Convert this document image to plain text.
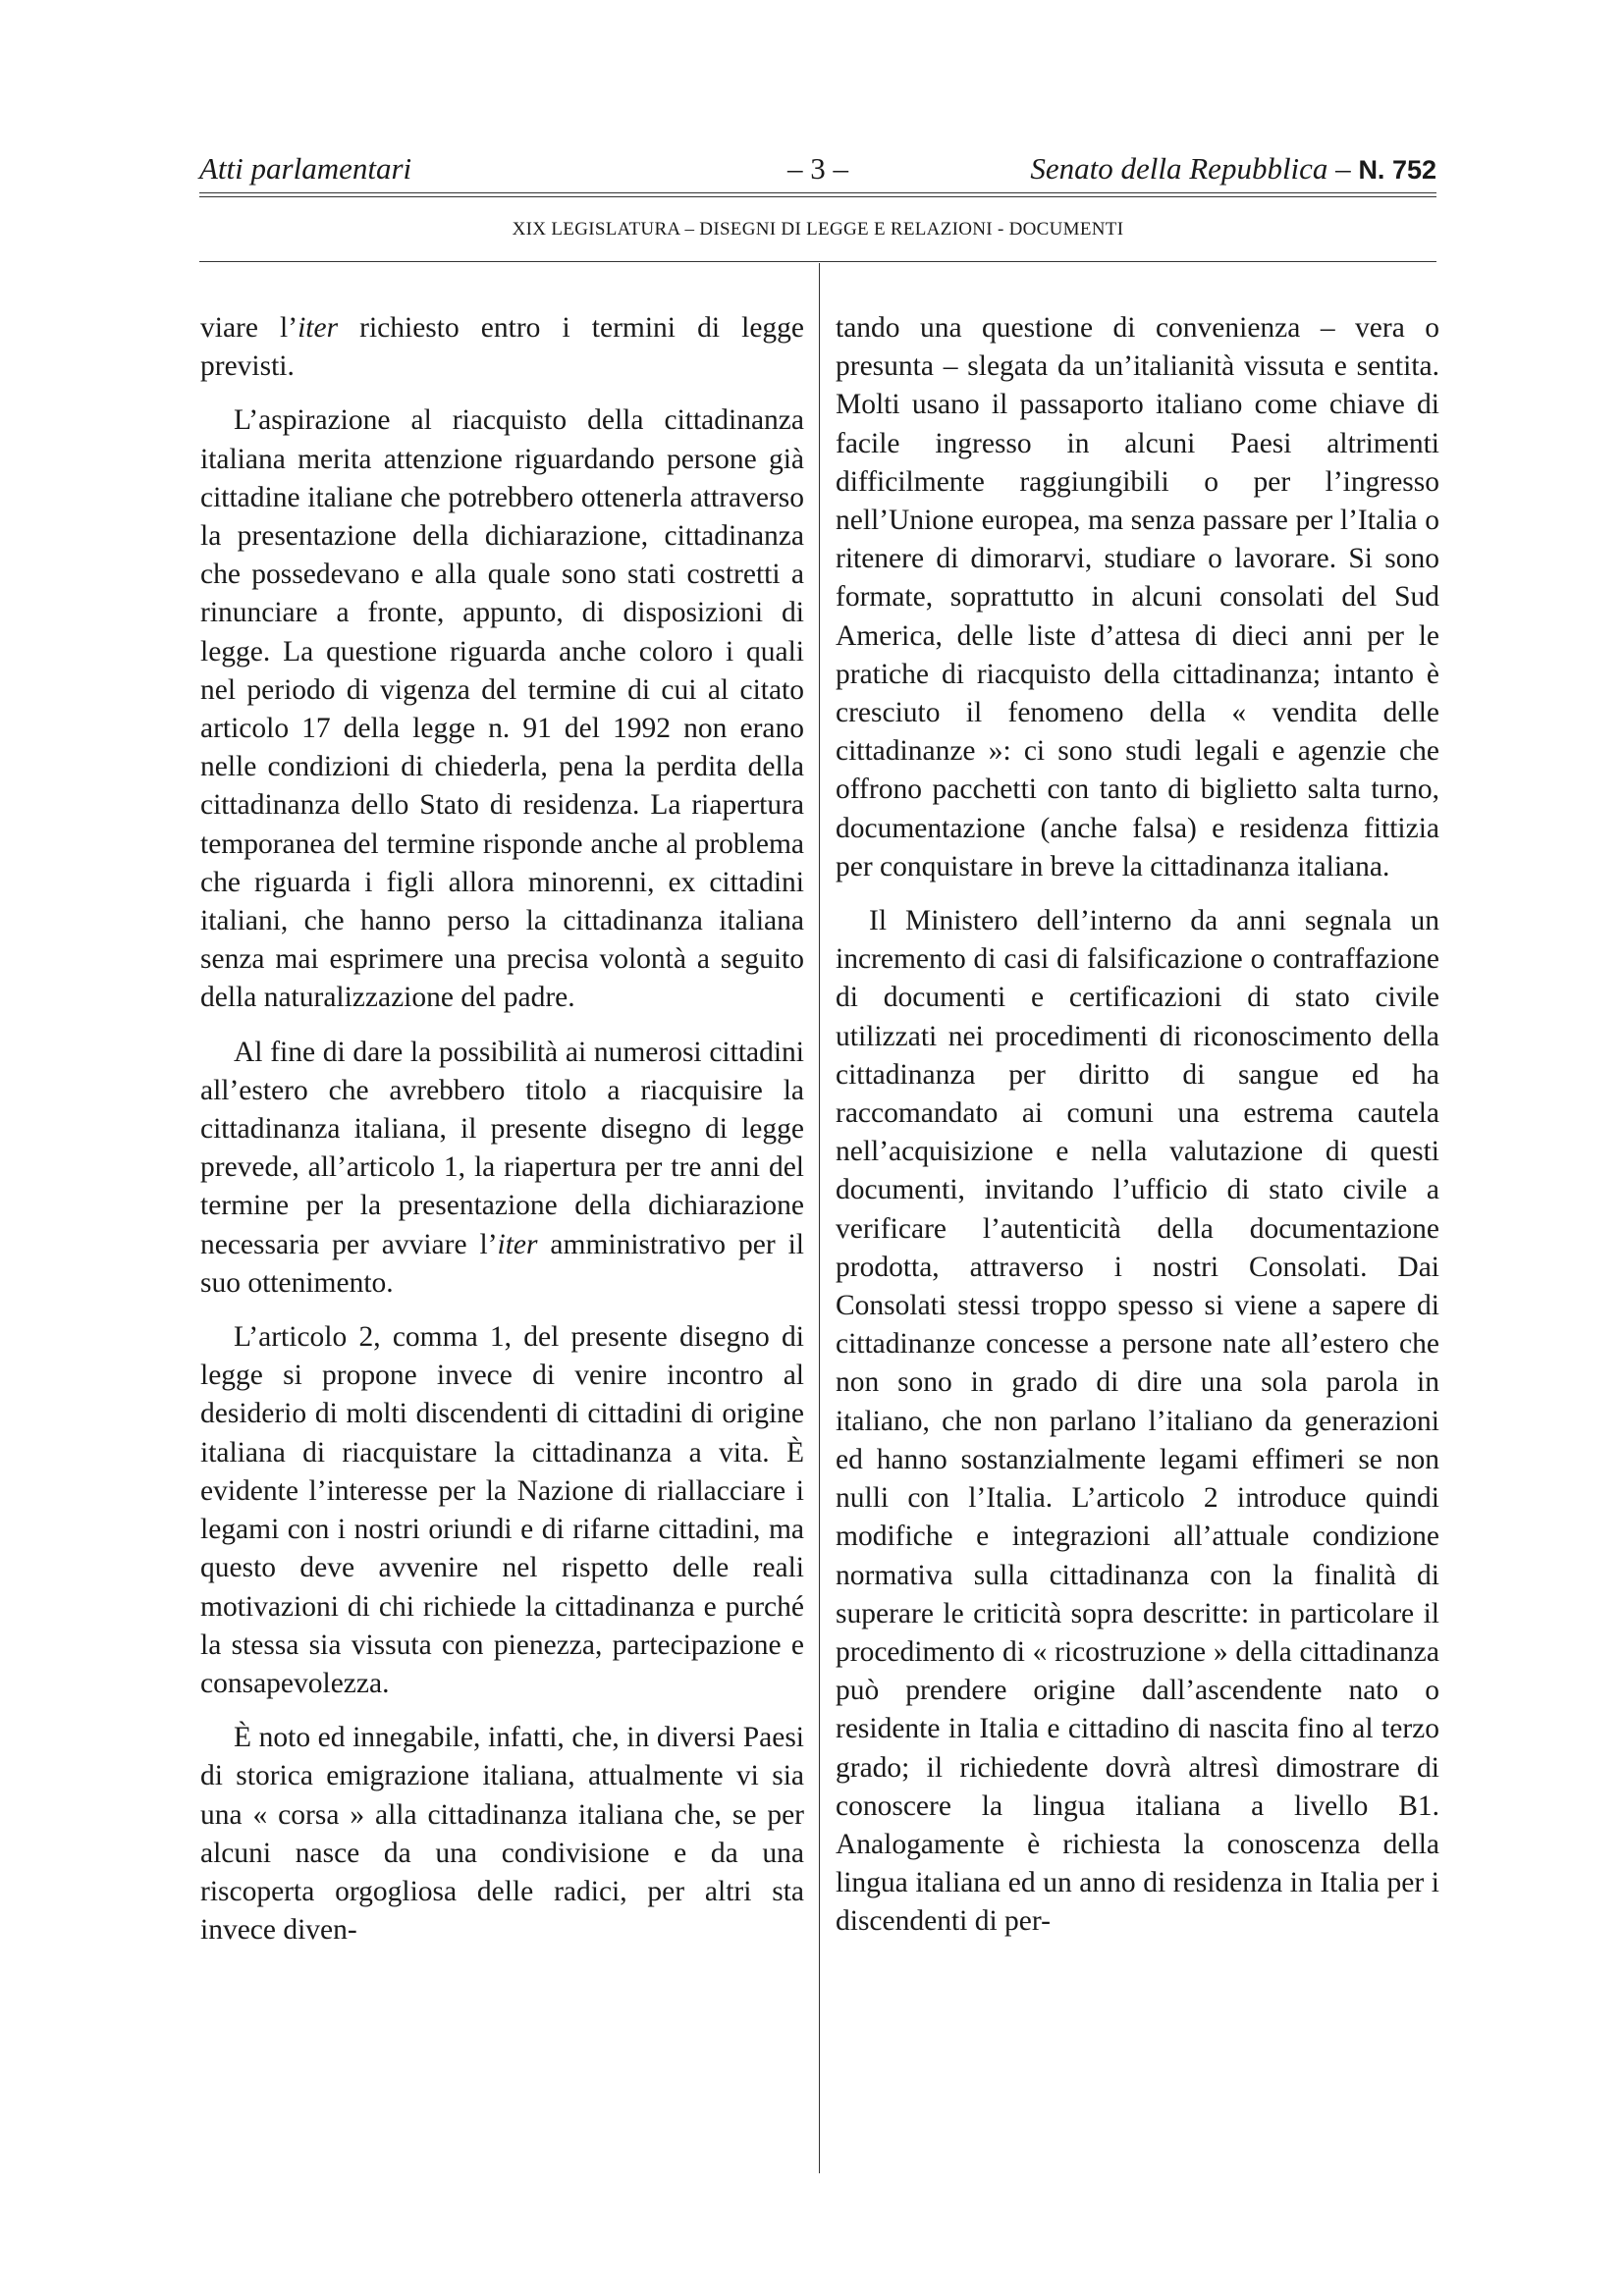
Atti parlamentari	– 3 –	Senato della Repubblica – N. 752
XIX LEGISLATURA – DISEGNI DI LEGGE E RELAZIONI - DOCUMENTI

viare l’iter richiesto entro i termini di legge previsti.

L’aspirazione al riacquisto della cittadinanza italiana merita attenzione riguardando persone già cittadine italiane che potrebbero ottenerla attraverso la presentazione della dichiarazione, cittadinanza che possedevano e alla quale sono stati costretti a rinunciare a fronte, appunto, di disposizioni di legge. La questione riguarda anche coloro i quali nel periodo di vigenza del termine di cui al citato articolo 17 della legge n. 91 del 1992 non erano nelle condizioni di chiederla, pena la perdita della cittadinanza dello Stato di residenza. La riapertura temporanea del termine risponde anche al problema che riguarda i figli allora minorenni, ex cittadini italiani, che hanno perso la cittadinanza italiana senza mai esprimere una precisa volontà a seguito della naturalizzazione del padre.

Al fine di dare la possibilità ai numerosi cittadini all’estero che avrebbero titolo a riacquisire la cittadinanza italiana, il presente disegno di legge prevede, all’articolo 1, la riapertura per tre anni del termine per la presentazione della dichiarazione necessaria per avviare l’iter amministrativo per il suo ottenimento.

L’articolo 2, comma 1, del presente disegno di legge si propone invece di venire incontro al desiderio di molti discendenti di cittadini di origine italiana di riacquistare la cittadinanza a vita. È evidente l’interesse per la Nazione di riallacciare i legami con i nostri oriundi e di rifarne cittadini, ma questo deve avvenire nel rispetto delle reali motivazioni di chi richiede la cittadinanza e purché la stessa sia vissuta con pienezza, partecipazione e consapevolezza.

È noto ed innegabile, infatti, che, in diversi Paesi di storica emigrazione italiana, attualmente vi sia una « corsa » alla cittadinanza italiana che, se per alcuni nasce da una condivisione e da una riscoperta orgogliosa delle radici, per altri sta invece diven-

tando una questione di convenienza – vera o presunta – slegata da un’italianità vissuta e sentita. Molti usano il passaporto italiano come chiave di facile ingresso in alcuni Paesi altrimenti difficilmente raggiungibili o per l’ingresso nell’Unione europea, ma senza passare per l’Italia o ritenere di dimorarvi, studiare o lavorare. Si sono formate, soprattutto in alcuni consolati del Sud America, delle liste d’attesa di dieci anni per le pratiche di riacquisto della cittadinanza; intanto è cresciuto il fenomeno della « vendita delle cittadinanze »: ci sono studi legali e agenzie che offrono pacchetti con tanto di biglietto salta turno, documentazione (anche falsa) e residenza fittizia per conquistare in breve la cittadinanza italiana.

Il Ministero dell’interno da anni segnala un incremento di casi di falsificazione o contraffazione di documenti e certificazioni di stato civile utilizzati nei procedimenti di riconoscimento della cittadinanza per diritto di sangue ed ha raccomandato ai comuni una estrema cautela nell’acquisizione e nella valutazione di questi documenti, invitando l’ufficio di stato civile a verificare l’autenticità della documentazione prodotta, attraverso i nostri Consolati. Dai Consolati stessi troppo spesso si viene a sapere di cittadinanze concesse a persone nate all’estero che non sono in grado di dire una sola parola in italiano, che non parlano l’italiano da generazioni ed hanno sostanzialmente legami effimeri se non nulli con l’Italia. L’articolo 2 introduce quindi modifiche e integrazioni all’attuale condizione normativa sulla cittadinanza con la finalità di superare le criticità sopra descritte: in particolare il procedimento di « ricostruzione » della cittadinanza può prendere origine dall’ascendente nato o residente in Italia e cittadino di nascita fino al terzo grado; il richiedente dovrà altresì dimostrare di conoscere la lingua italiana a livello B1. Analogamente è richiesta la conoscenza della lingua italiana ed un anno di residenza in Italia per i discendenti di per-
